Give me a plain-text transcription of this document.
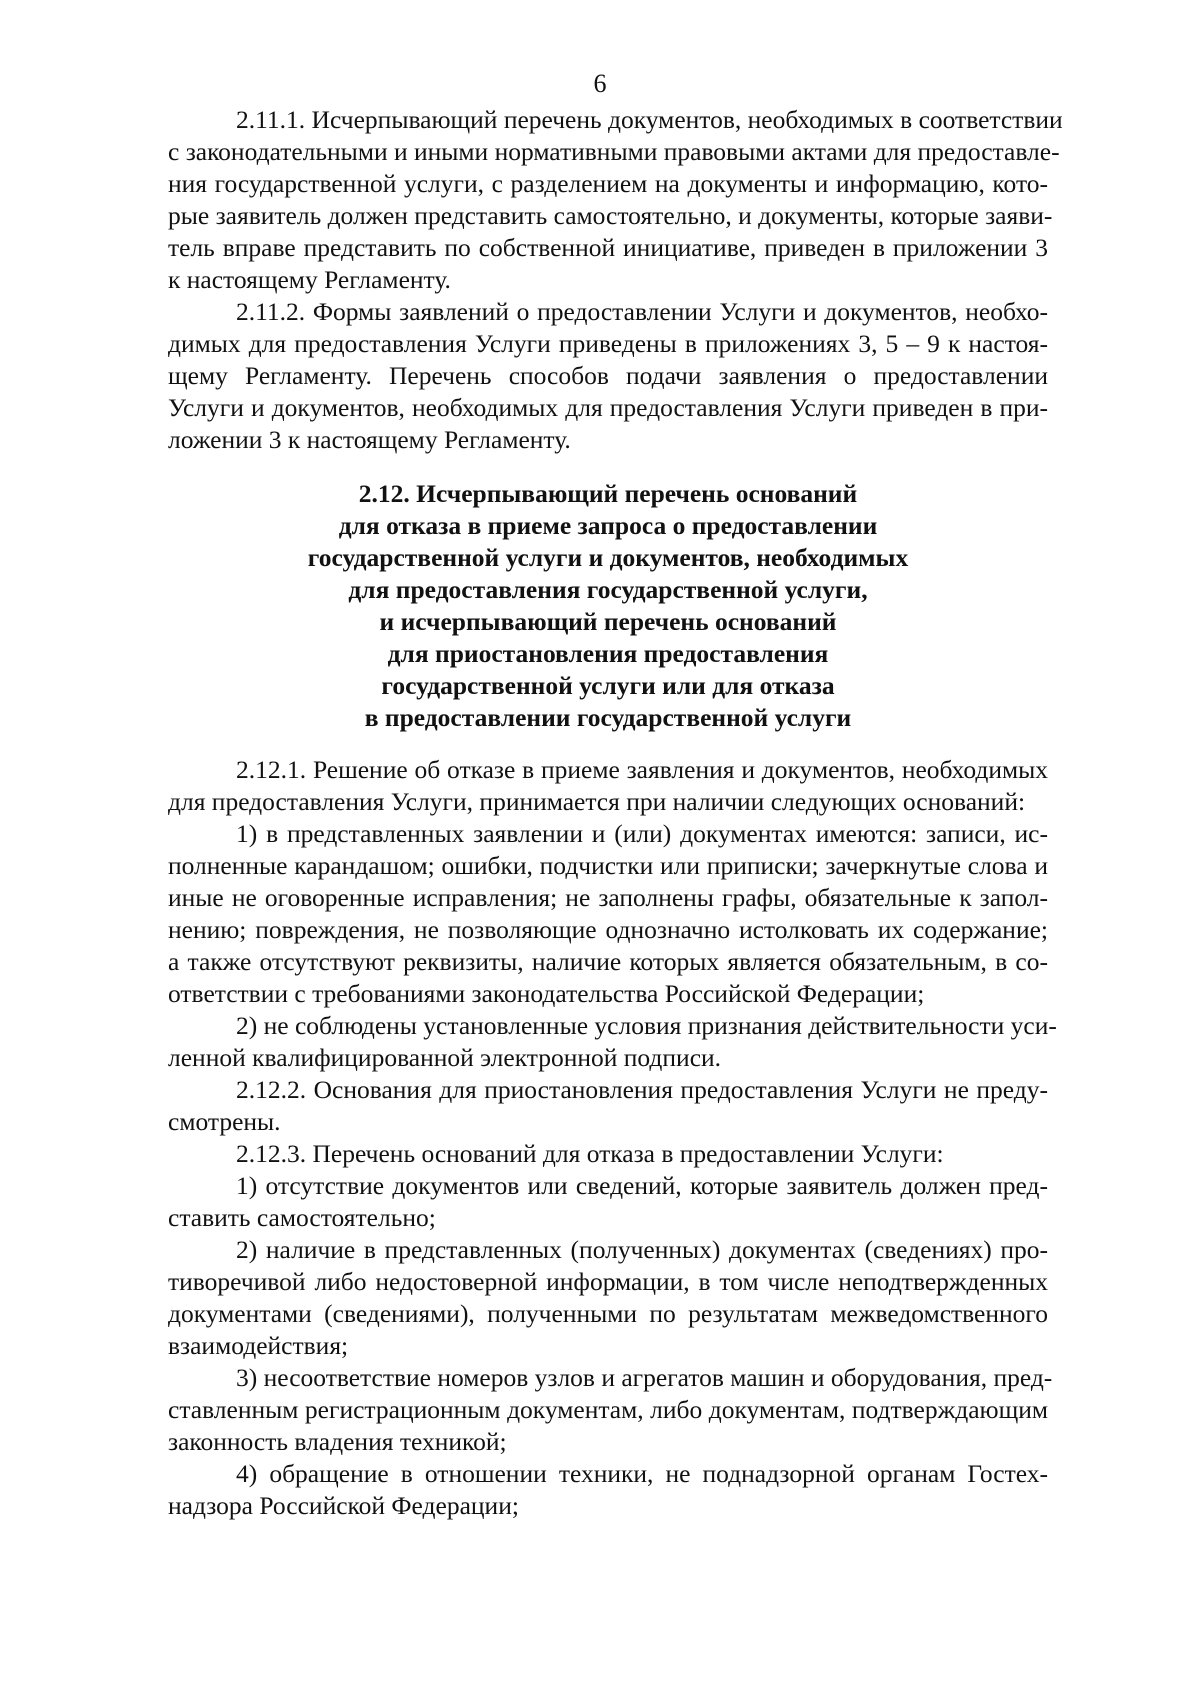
6
2.11.1. Исчерпывающий перечень документов, необходимых в соответствии
с законодательными и иными нормативными правовыми актами для предоставле-
ния государственной услуги, с разделением на документы и информацию, кото-
рые заявитель должен представить самостоятельно, и документы, которые заяви-
тель вправе представить по собственной инициативе, приведен в приложении 3
к настоящему Регламенту.
2.11.2. Формы заявлений о предоставлении Услуги и документов, необхо-
димых для предоставления Услуги приведены в приложениях 3, 5 – 9 к настоя-
щему Регламенту. Перечень способов подачи заявления о предоставлении
Услуги и документов, необходимых для предоставления Услуги приведен в при-
ложении 3 к настоящему Регламенту.
2.12. Исчерпывающий перечень оснований
для отказа в приеме запроса о предоставлении
государственной услуги и документов, необходимых
для предоставления государственной услуги,
и исчерпывающий перечень оснований
для приостановления предоставления
государственной услуги или для отказа
в предоставлении государственной услуги
2.12.1. Решение об отказе в приеме заявления и документов, необходимых
для предоставления Услуги, принимается при наличии следующих оснований:
1) в представленных заявлении и (или) документах имеются: записи, ис-
полненные карандашом; ошибки, подчистки или приписки; зачеркнутые слова и
иные не оговоренные исправления; не заполнены графы, обязательные к запол-
нению; повреждения, не позволяющие однозначно истолковать их содержание;
а также отсутствуют реквизиты, наличие которых является обязательным, в со-
ответствии с требованиями законодательства Российской Федерации;
2) не соблюдены установленные условия признания действительности уси-
ленной квалифицированной электронной подписи.
2.12.2. Основания для приостановления предоставления Услуги не преду-
смотрены.
2.12.3. Перечень оснований для отказа в предоставлении Услуги:
1) отсутствие документов или сведений, которые заявитель должен пред-
ставить самостоятельно;
2) наличие в представленных (полученных) документах (сведениях) про-
тиворечивой либо недостоверной информации, в том числе неподтвержденных
документами (сведениями), полученными по результатам межведомственного
взаимодействия;
3) несоответствие номеров узлов и агрегатов машин и оборудования, пред-
ставленным регистрационным документам, либо документам, подтверждающим
законность владения техникой;
4) обращение в отношении техники, не поднадзорной органам Гостех-
надзора Российской Федерации;
